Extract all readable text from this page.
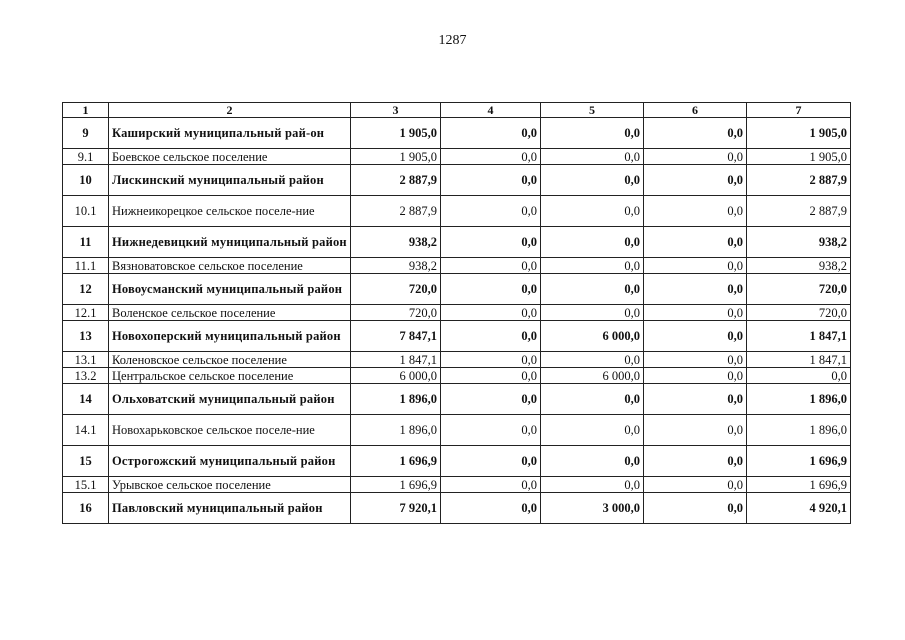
1287
1	2	3	4	5	6	7
9	Каширский муниципальный рай-он	1 905,0	0,0	0,0	0,0	1 905,0
9.1	Боевское сельское поселение	1 905,0	0,0	0,0	0,0	1 905,0
10	Лискинский муниципальный район	2 887,9	0,0	0,0	0,0	2 887,9
10.1	Нижнеикорецкое сельское поселе-ние	2 887,9	0,0	0,0	0,0	2 887,9
11	Нижнедевицкий муниципальный район	938,2	0,0	0,0	0,0	938,2
11.1	Вязноватовское сельское поселение	938,2	0,0	0,0	0,0	938,2
12	Новоусманский муниципальный район	720,0	0,0	0,0	0,0	720,0
12.1	Воленское сельское поселение	720,0	0,0	0,0	0,0	720,0
13	Новохоперский муниципальный район	7 847,1	0,0	6 000,0	0,0	1 847,1
13.1	Коленовское сельское поселение	1 847,1	0,0	0,0	0,0	1 847,1
13.2	Центральское сельское поселение	6 000,0	0,0	6 000,0	0,0	0,0
14	Ольховатский муниципальный район	1 896,0	0,0	0,0	0,0	1 896,0
14.1	Новохарьковское сельское поселе-ние	1 896,0	0,0	0,0	0,0	1 896,0
15	Острогожский муниципальный район	1 696,9	0,0	0,0	0,0	1 696,9
15.1	Урывское сельское поселение	1 696,9	0,0	0,0	0,0	1 696,9
16	Павловский муниципальный район	7 920,1	0,0	3 000,0	0,0	4 920,1
